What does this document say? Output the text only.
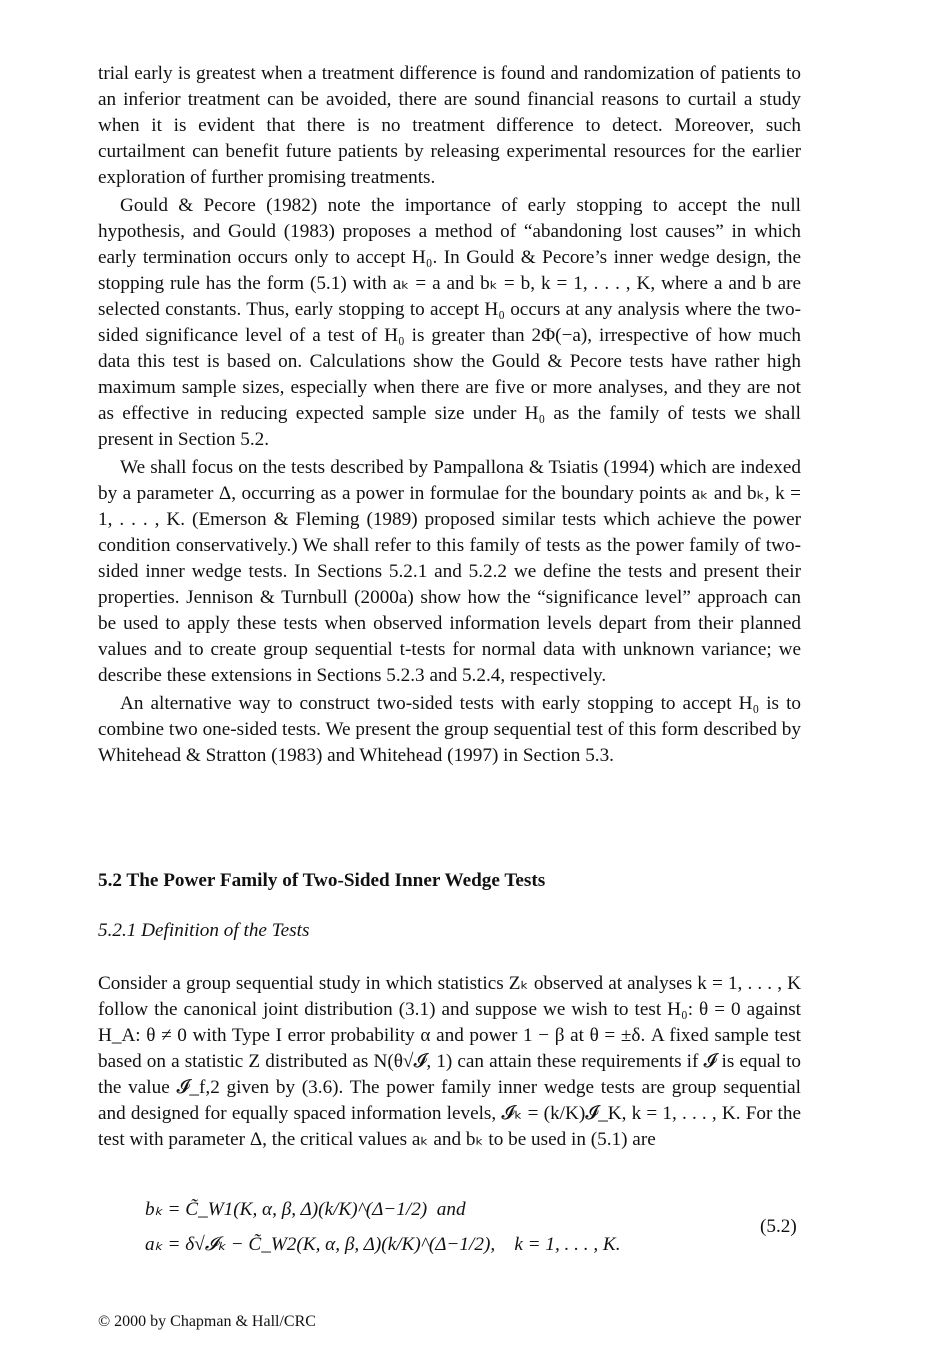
trial early is greatest when a treatment difference is found and randomization of patients to an inferior treatment can be avoided, there are sound financial reasons to curtail a study when it is evident that there is no treatment difference to detect. Moreover, such curtailment can benefit future patients by releasing experimental resources for the earlier exploration of further promising treatments.

Gould & Pecore (1982) note the importance of early stopping to accept the null hypothesis, and Gould (1983) proposes a method of “abandoning lost causes” in which early termination occurs only to accept H₀. In Gould & Pecore’s inner wedge design, the stopping rule has the form (5.1) with aₖ = a and bₖ = b, k = 1, . . . , K, where a and b are selected constants. Thus, early stopping to accept H₀ occurs at any analysis where the two-sided significance level of a test of H₀ is greater than 2Φ(−a), irrespective of how much data this test is based on. Calculations show the Gould & Pecore tests have rather high maximum sample sizes, especially when there are five or more analyses, and they are not as effective in reducing expected sample size under H₀ as the family of tests we shall present in Section 5.2.

We shall focus on the tests described by Pampallona & Tsiatis (1994) which are indexed by a parameter Δ, occurring as a power in formulae for the boundary points aₖ and bₖ, k = 1, . . . , K. (Emerson & Fleming (1989) proposed similar tests which achieve the power condition conservatively.) We shall refer to this family of tests as the power family of two-sided inner wedge tests. In Sections 5.2.1 and 5.2.2 we define the tests and present their properties. Jennison & Turnbull (2000a) show how the “significance level” approach can be used to apply these tests when observed information levels depart from their planned values and to create group sequential t-tests for normal data with unknown variance; we describe these extensions in Sections 5.2.3 and 5.2.4, respectively.

An alternative way to construct two-sided tests with early stopping to accept H₀ is to combine two one-sided tests. We present the group sequential test of this form described by Whitehead & Stratton (1983) and Whitehead (1997) in Section 5.3.

5.2 The Power Family of Two-Sided Inner Wedge Tests
5.2.1 Definition of the Tests

Consider a group sequential study in which statistics Zₖ observed at analyses k = 1, . . . , K follow the canonical joint distribution (3.1) and suppose we wish to test H₀: θ = 0 against H_A: θ ≠ 0 with Type I error probability α and power 1 − β at θ = ±δ. A fixed sample test based on a statistic Z distributed as N(θ√𝓘, 1) can attain these requirements if 𝓘 is equal to the value 𝓘_f,2 given by (3.6). The power family inner wedge tests are group sequential and designed for equally spaced information levels, 𝓘ₖ = (k/K)𝓘_K, k = 1, . . . , K. For the test with parameter Δ, the critical values aₖ and bₖ to be used in (5.1) are

bₖ = C̃_W1(K, α, β, Δ)(k/K)^(Δ−1/2)  and
aₖ = δ√𝓘ₖ − C̃_W2(K, α, β, Δ)(k/K)^(Δ−1/2),    k = 1, . . . , K.
(5.2)
© 2000 by Chapman & Hall/CRC
